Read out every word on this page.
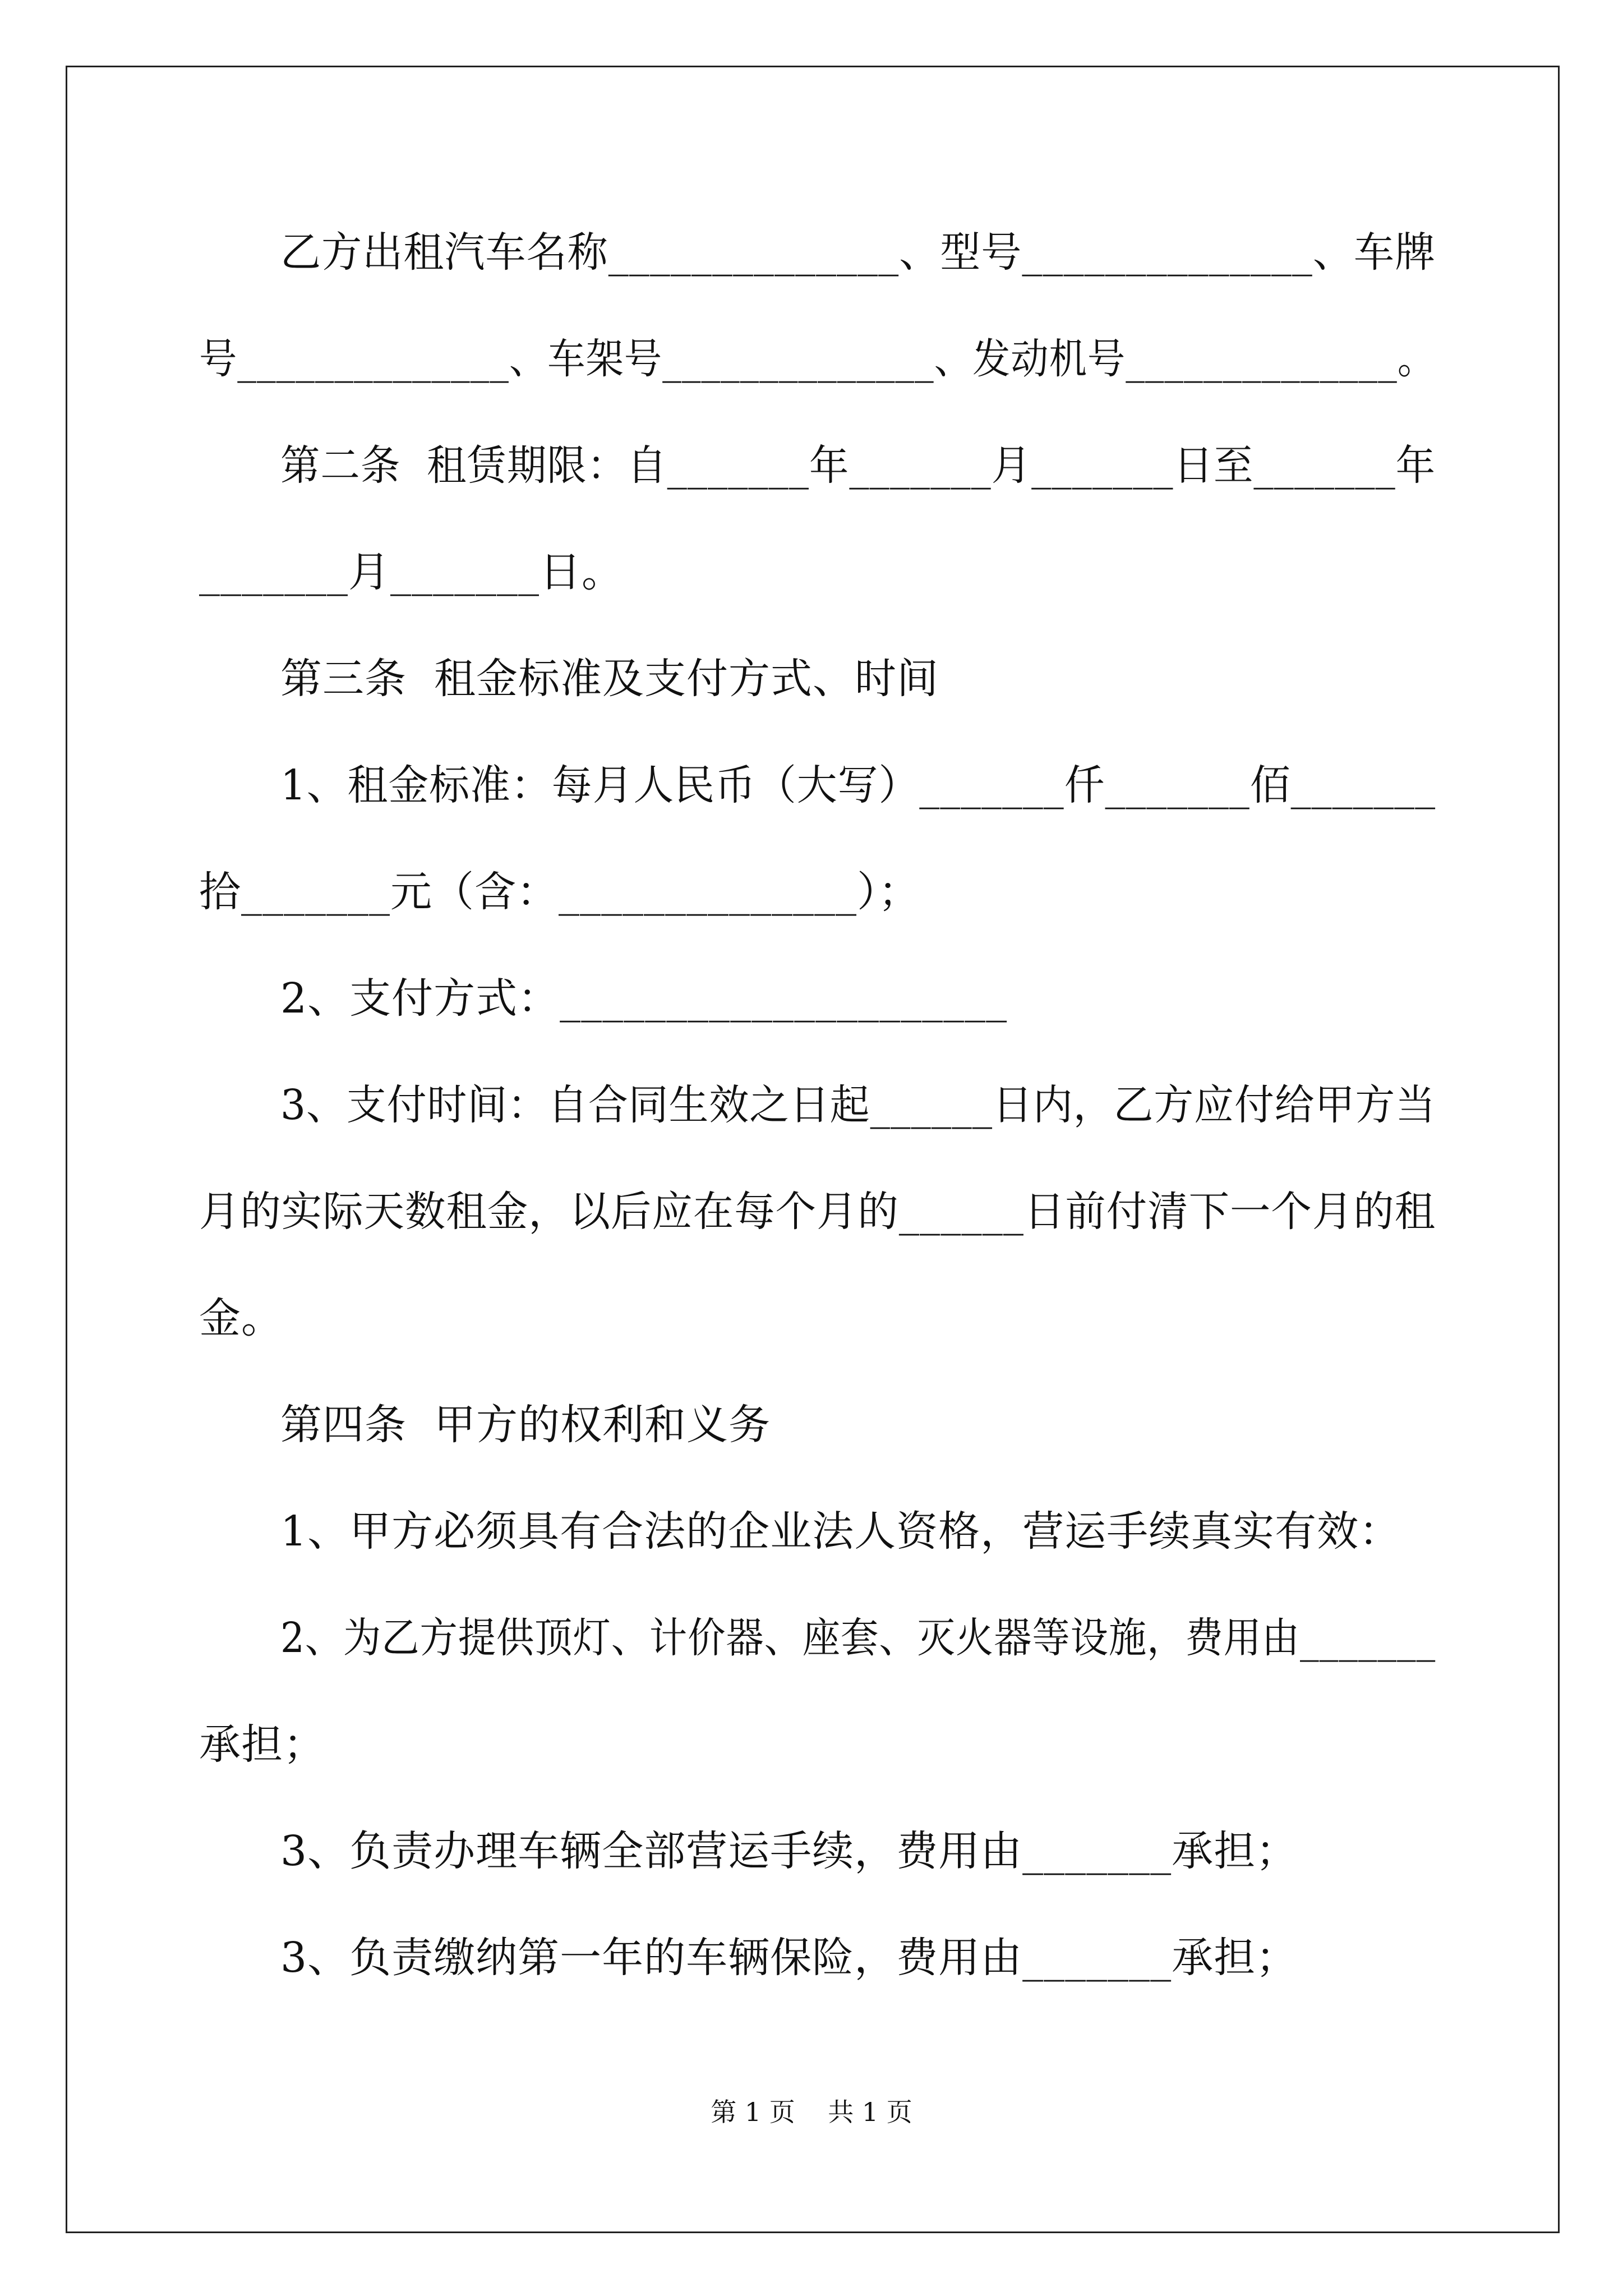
乙方出租汽车名称______________、型号______________、车牌
号______________、车架号______________、发动机号______________。
第二条  租赁期限：自_______年_______月_______日至_______年
_______月_______日。
第三条  租金标准及支付方式、时间
1、租金标准：每月人民币（大写）_______仟_______佰_______
拾_______元（含：______________）；
2、支付方式：_____________________
3、支付时间：自合同生效之日起______日内，乙方应付给甲方当
月的实际天数租金，以后应在每个月的______日前付清下一个月的租
金。
第四条  甲方的权利和义务
1、甲方必须具有合法的企业法人资格，营运手续真实有效：
2、为乙方提供顶灯、计价器、座套、灭火器等设施，费用由_______
承担；
3、负责办理车辆全部营运手续，费用由_______承担；
3、负责缴纳第一年的车辆保险，费用由_______承担；
第 1 页    共 1 页
